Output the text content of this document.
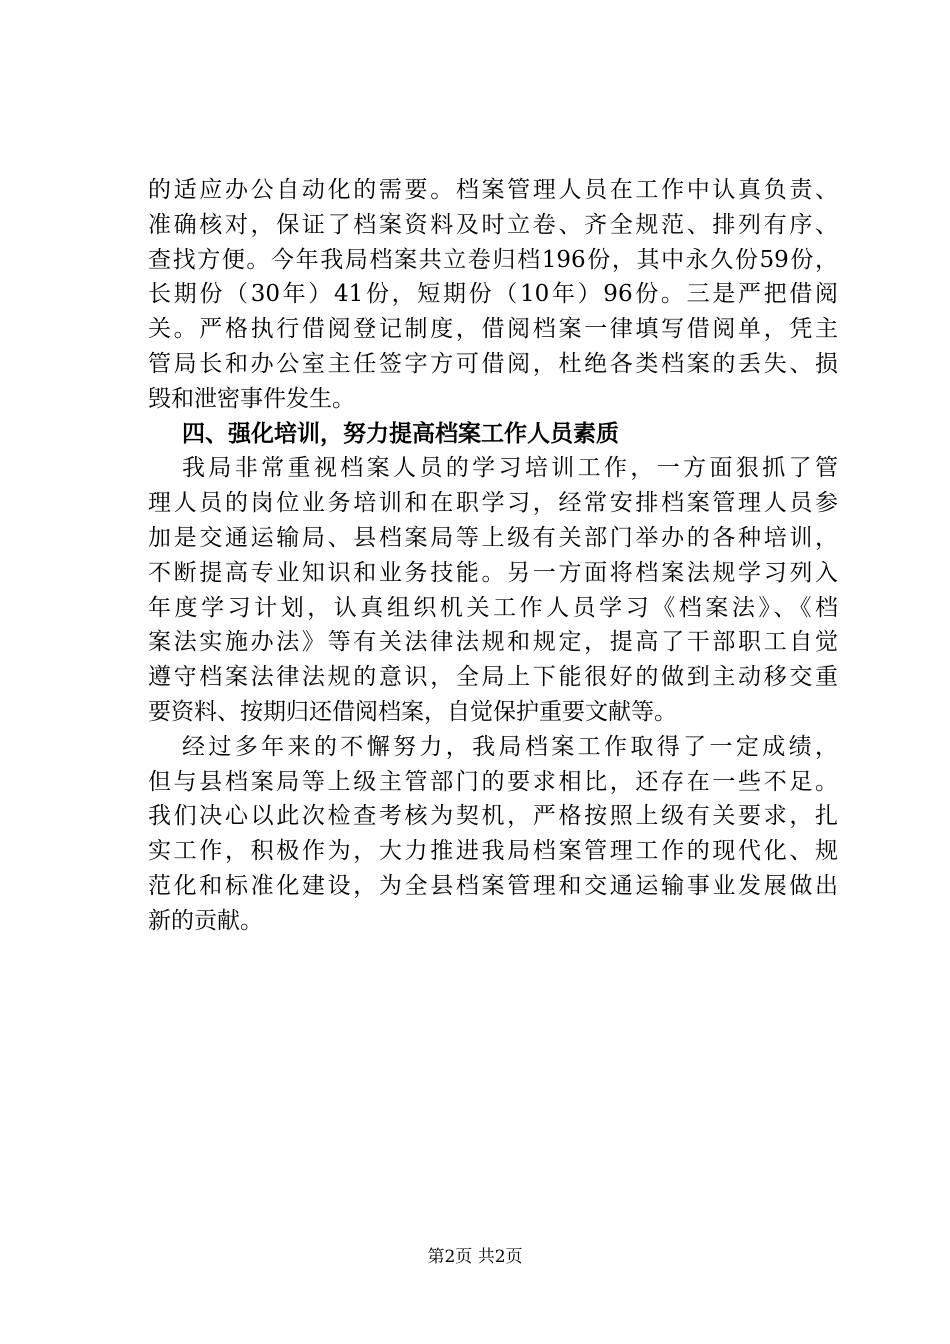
的适应办公自动化的需要。档案管理人员在工作中认真负责、
准确核对，保证了档案资料及时立卷、齐全规范、排列有序、
查找方便。今年我局档案共立卷归档196份，其中永久份59份，
长期份（30年）41份，短期份（10年）96份。三是严把借阅
关。严格执行借阅登记制度，借阅档案一律填写借阅单，凭主
管局长和办公室主任签字方可借阅，杜绝各类档案的丢失、损
毁和泄密事件发生。
四、强化培训，努力提高档案工作人员素质
我局非常重视档案人员的学习培训工作，一方面狠抓了管
理人员的岗位业务培训和在职学习，经常安排档案管理人员参
加是交通运输局、县档案局等上级有关部门举办的各种培训，
不断提高专业知识和业务技能。另一方面将档案法规学习列入
年度学习计划，认真组织机关工作人员学习《档案法》、《档
案法实施办法》等有关法律法规和规定，提高了干部职工自觉
遵守档案法律法规的意识，全局上下能很好的做到主动移交重
要资料、按期归还借阅档案，自觉保护重要文献等。
经过多年来的不懈努力，我局档案工作取得了一定成绩，
但与县档案局等上级主管部门的要求相比，还存在一些不足。
我们决心以此次检查考核为契机，严格按照上级有关要求，扎
实工作，积极作为，大力推进我局档案管理工作的现代化、规
范化和标准化建设，为全县档案管理和交通运输事业发展做出
新的贡献。
第2页 共2页
